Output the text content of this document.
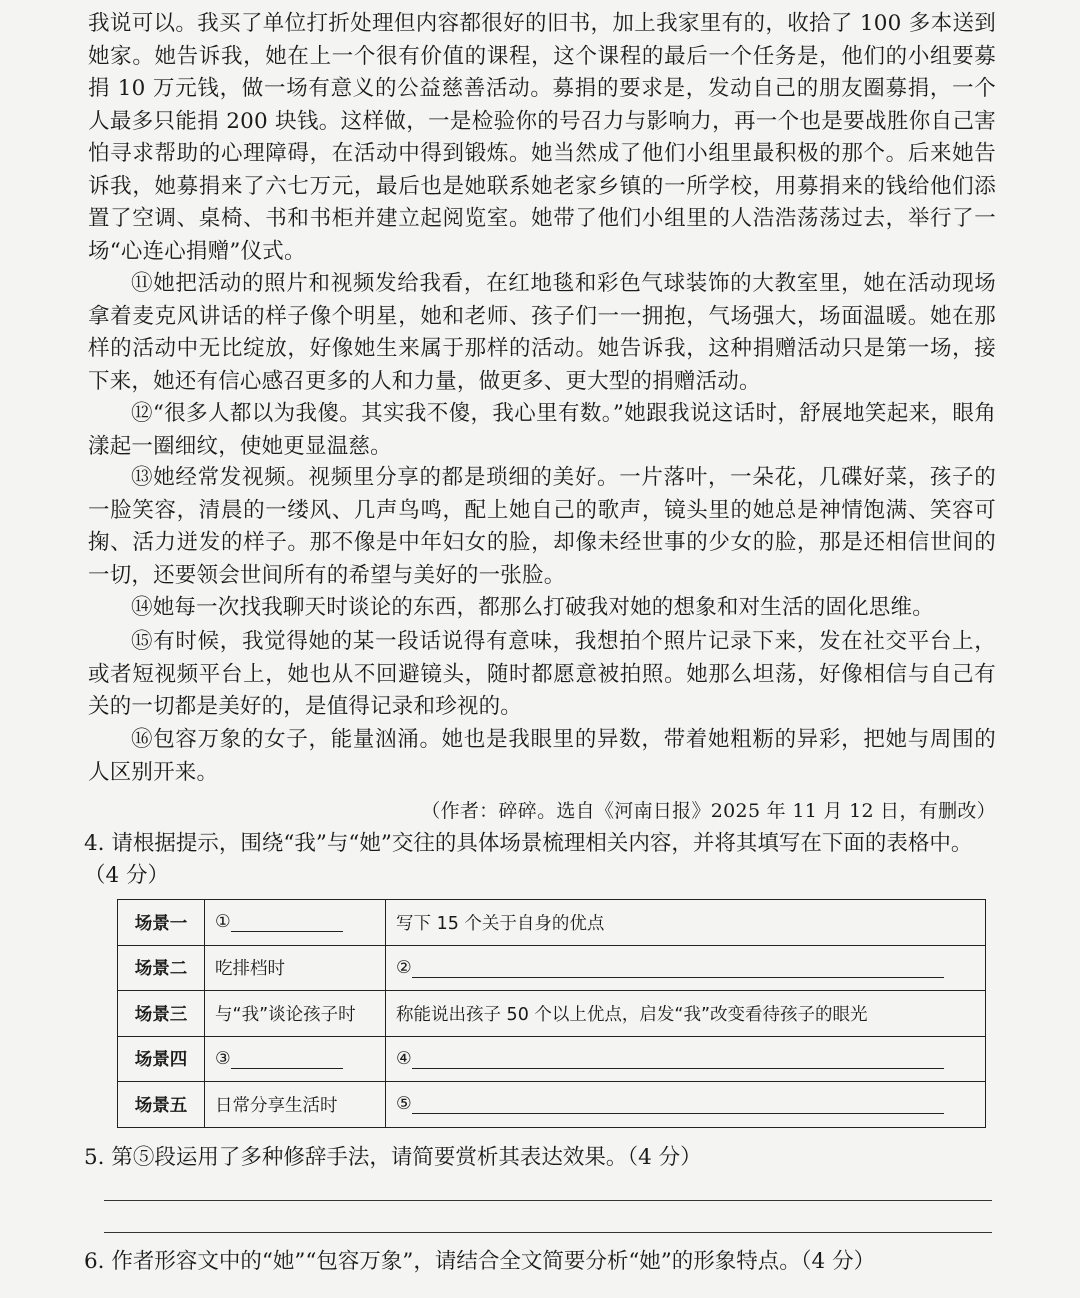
我说可以。我买了单位打折处理但内容都很好的旧书，加上我家里有的，收拾了 100 多本送到她家。她告诉我，她在上一个很有价值的课程，这个课程的最后一个任务是，他们的小组要募捐 10 万元钱，做一场有意义的公益慈善活动。募捐的要求是，发动自己的朋友圈募捐，一个人最多只能捐 200 块钱。这样做，一是检验你的号召力与影响力，再一个也是要战胜你自己害怕寻求帮助的心理障碍，在活动中得到锻炼。她当然成了他们小组里最积极的那个。后来她告诉我，她募捐来了六七万元，最后也是她联系她老家乡镇的一所学校，用募捐来的钱给他们添置了空调、桌椅、书和书柜并建立起阅览室。她带了他们小组里的人浩浩荡荡过去，举行了一场“心连心捐赠”仪式。

⑪她把活动的照片和视频发给我看，在红地毯和彩色气球装饰的大教室里，她在活动现场拿着麦克风讲话的样子像个明星，她和老师、孩子们一一拥抱，气场强大，场面温暖。她在那样的活动中无比绽放，好像她生来属于那样的活动。她告诉我，这种捐赠活动只是第一场，接下来，她还有信心感召更多的人和力量，做更多、更大型的捐赠活动。

⑫“很多人都以为我傻。其实我不傻，我心里有数。”她跟我说这话时，舒展地笑起来，眼角漾起一圈细纹，使她更显温慈。

⑬她经常发视频。视频里分享的都是琐细的美好。一片落叶，一朵花，几碟好菜，孩子的一脸笑容，清晨的一缕风、几声鸟鸣，配上她自己的歌声，镜头里的她总是神情饱满、笑容可掬、活力迸发的样子。那不像是中年妇女的脸，却像未经世事的少女的脸，那是还相信世间的一切，还要领会世间所有的希望与美好的一张脸。

⑭她每一次找我聊天时谈论的东西，都那么打破我对她的想象和对生活的固化思维。

⑮有时候，我觉得她的某一段话说得有意味，我想拍个照片记录下来，发在社交平台上，或者短视频平台上，她也从不回避镜头，随时都愿意被拍照。她那么坦荡，好像相信与自己有关的一切都是美好的，是值得记录和珍视的。

⑯包容万象的女子，能量汹涌。她也是我眼里的异数，带着她粗粝的异彩，把她与周围的人区别开来。

（作者：碎碎。选自《河南日报》2025 年 11 月 12 日，有删改）

4. 请根据提示，围绕“我”与“她”交往的具体场景梳理相关内容，并将其填写在下面的表格中。
（4 分）

场景一	①	写下 15 个关于自身的优点
场景二	吃排档时	②
场景三	与“我”谈论孩子时	称能说出孩子 50 个以上优点，启发“我”改变看待孩子的眼光
场景四	③	④
场景五	日常分享生活时	⑤

5. 第⑤段运用了多种修辞手法，请简要赏析其表达效果。（4 分）

6. 作者形容文中的“她”“包容万象”，请结合全文简要分析“她”的形象特点。（4 分）
